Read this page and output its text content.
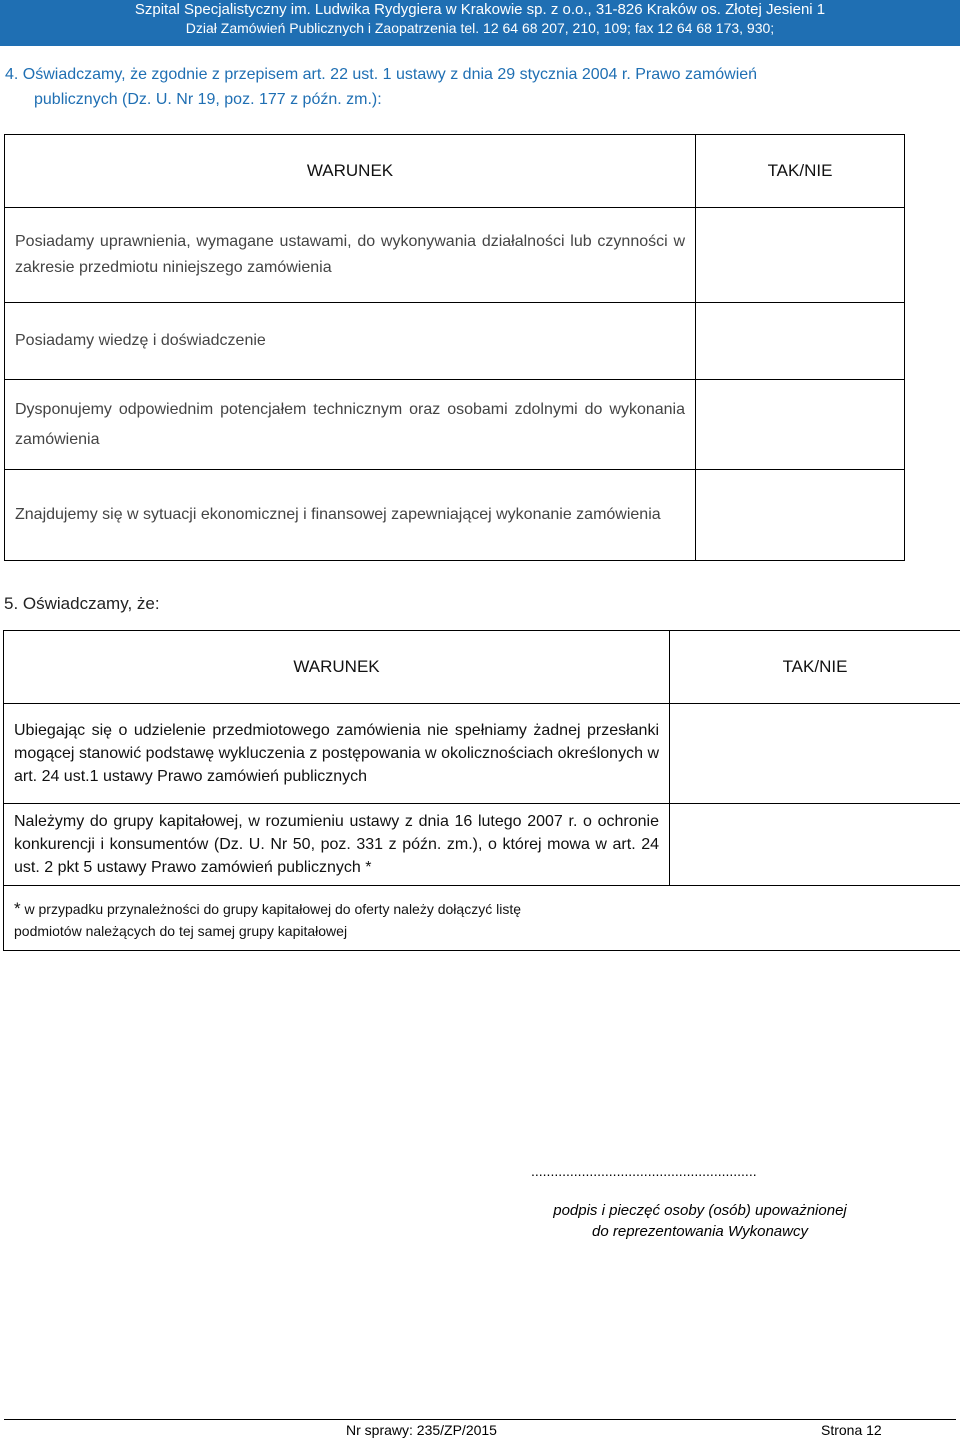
Szpital Specjalistyczny im. Ludwika Rydygiera w Krakowie sp. z o.o., 31-826 Kraków os. Złotej Jesieni 1
Dział Zamówień Publicznych i Zaopatrzenia tel. 12 64 68 207, 210, 109; fax 12 64 68 173, 930;
4. Oświadczamy, że zgodnie z przepisem art. 22 ust. 1 ustawy z dnia 29 stycznia 2004 r. Prawo zamówień
publicznych (Dz. U. Nr 19, poz. 177 z późn. zm.):
WARUNEK	TAK/NIE
Posiadamy uprawnienia, wymagane ustawami, do wykonywania działalności lub czynności w zakresie przedmiotu niniejszego zamówienia	
Posiadamy wiedzę i doświadczenie	
Dysponujemy odpowiednim potencjałem technicznym oraz osobami zdolnymi do wykonania zamówienia	
Znajdujemy się w sytuacji ekonomicznej i finansowej zapewniającej wykonanie zamówienia	
5. Oświadczamy, że:
WARUNEK	TAK/NIE
Ubiegając się o udzielenie przedmiotowego zamówienia nie spełniamy żadnej przesłanki mogącej stanowić podstawę wykluczenia z postępowania w okolicznościach określonych w art. 24 ust.1 ustawy Prawo zamówień publicznych	
Należymy do grupy kapitałowej, w rozumieniu ustawy z dnia 16 lutego 2007 r. o ochronie konkurencji i konsumentów (Dz. U. Nr 50, poz. 331 z późn. zm.), o której mowa w art. 24 ust. 2 pkt 5 ustawy Prawo zamówień publicznych *	

* w przypadku przynależności do grupy kapitałowej do oferty należy dołączyć listę
podmiotów należących do tej samej grupy kapitałowej	
..........................................................
podpis i pieczęć osoby (osób) upoważnionej
do reprezentowania Wykonawcy
Nr sprawy: 235/ZP/2015	Strona 12
